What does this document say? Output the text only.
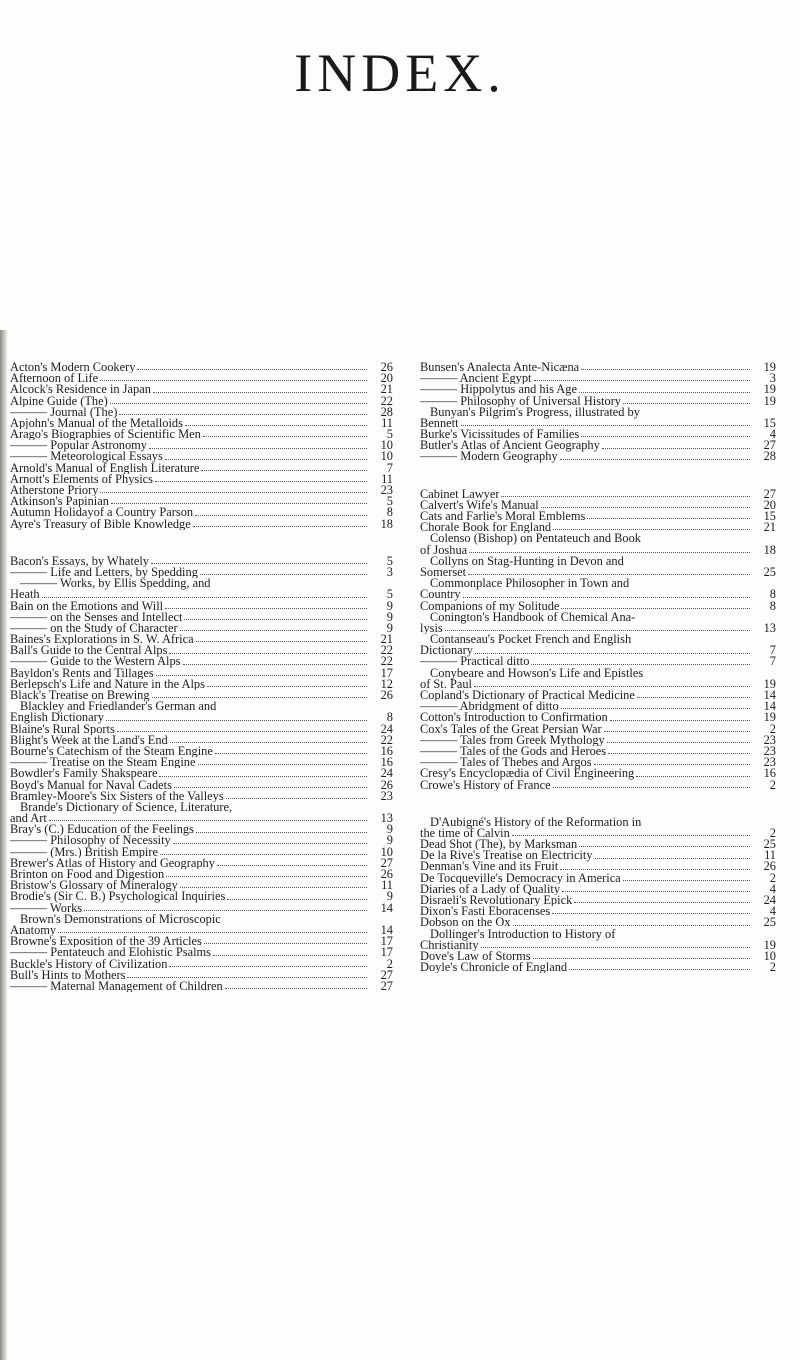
INDEX.
Acton's Modern Cookery	26
Afternoon of Life	20
Alcock's Residence in Japan	21
Alpine Guide (The)	22
——— Journal (The)	28
Apjohn's Manual of the Metalloids	11
Arago's Biographies of Scientific Men	5
——— Popular Astronomy	10
——— Meteorological Essays	10
Arnold's Manual of English Literature	7
Arnott's Elements of Physics	11
Atherstone Priory	23
Atkinson's Papinian	5
Autumn Holidayof a Country Parson	8
Ayre's Treasury of Bible Knowledge	18
Bacon's Essays, by Whately	5
——— Life and Letters, by Spedding	3
——— Works, by Ellis Spedding, and
Heath	5
Bain on the Emotions and Will	9
——— on the Senses and Intellect	9
——— on the Study of Character	9
Baines's Explorations in S. W. Africa	21
Ball's Guide to the Central Alps	22
——— Guide to the Western Alps	22
Bayldon's Rents and Tillages	17
Berlepsch's Life and Nature in the Alps	12
Black's Treatise on Brewing	26
Blackley and Friedlander's German and
English Dictionary	8
Blaine's Rural Sports	24
Blight's Week at the Land's End	22
Bourne's Catechism of the Steam Engine	16
——— Treatise on the Steam Engine	16
Bowdler's Family Shakspeare	24
Boyd's Manual for Naval Cadets	26
Bramley-Moore's Six Sisters of the Valleys	23
Brande's Dictionary of Science, Literature,
and Art	13
Bray's (C.) Education of the Feelings	9
——— Philosophy of Necessity	9
——— (Mrs.) British Empire	10
Brewer's Atlas of History and Geography	27
Brinton on Food and Digestion	26
Bristow's Glossary of Mineralogy	11
Brodie's (Sir C. B.) Psychological Inquiries	9
——— Works	14
Brown's Demonstrations of Microscopic
Anatomy	14
Browne's Exposition of the 39 Articles	17
——— Pentateuch and Elohistic Psalms	17
Buckle's History of Civilization	2
Bull's Hints to Mothers	27
——— Maternal Management of Children	27
Bunsen's Analecta Ante-Nicæna	19
——— Ancient Egypt	3
——— Hippolytus and his Age	19
——— Philosophy of Universal History	19
Bunyan's Pilgrim's Progress, illustrated by
Bennett	15
Burke's Vicissitudes of Families	4
Butler's Atlas of Ancient Geography	27
——— Modern Geography	28
Cabinet Lawyer	27
Calvert's Wife's Manual	20
Cats and Farlie's Moral Emblems	15
Chorale Book for England	21
Colenso (Bishop) on Pentateuch and Book
of Joshua	18
Collyns on Stag-Hunting in Devon and
Somerset	25
Commonplace Philosopher in Town and
Country	8
Companions of my Solitude	8
Conington's Handbook of Chemical Ana-
lysis	13
Contanseau's Pocket French and English
Dictionary	7
——— Practical ditto	7
Conybeare and Howson's Life and Epistles
of St. Paul	19
Copland's Dictionary of Practical Medicine	14
——— Abridgment of ditto	14
Cotton's Introduction to Confirmation	19
Cox's Tales of the Great Persian War	2
——— Tales from Greek Mythology	23
——— Tales of the Gods and Heroes	23
——— Tales of Thebes and Argos	23
Cresy's Encyclopædia of Civil Engineering	16
Crowe's History of France	2
D'Aubigné's History of the Reformation in
the time of Calvin	2
Dead Shot (The), by Marksman	25
De la Rive's Treatise on Electricity	11
Denman's Vine and its Fruit	26
De Tocqueville's Democracy in America	2
Diaries of a Lady of Quality	4
Disraeli's Revolutionary Epick	24
Dixon's Fasti Eboracenses	4
Dobson on the Ox	25
Dollinger's Introduction to History of
Christianity	19
Dove's Law of Storms	10
Doyle's Chronicle of England	2
